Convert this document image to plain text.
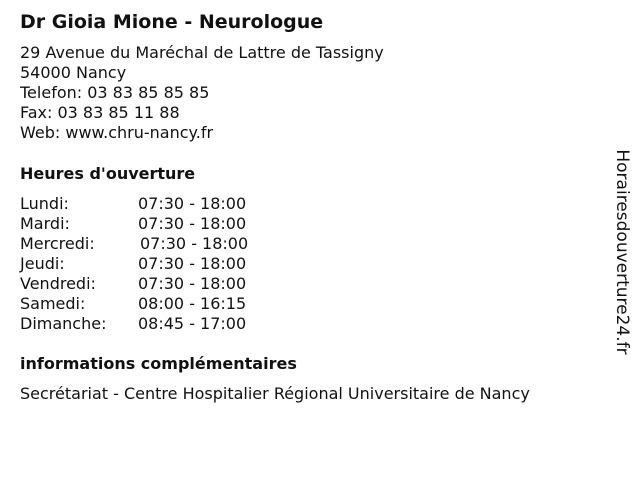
Dr Gioia Mione - Neurologue
29 Avenue du Maréchal de Lattre de Tassigny
54000 Nancy
Telefon: 03 83 85 85 85
Fax: 03 83 85 11 88
Web: www.chru-nancy.fr
Heures d'ouverture
Lundi:	07:30 - 18:00
Mardi:	07:30 - 18:00
Mercredi:	07:30 - 18:00
Jeudi:	07:30 - 18:00
Vendredi:	07:30 - 18:00
Samedi:	08:00 - 16:15
Dimanche: 08:45 - 17:00
informations complémentaires
Secrétariat - Centre Hospitalier Régional Universitaire de Nancy
Horairesdouverture24.fr
